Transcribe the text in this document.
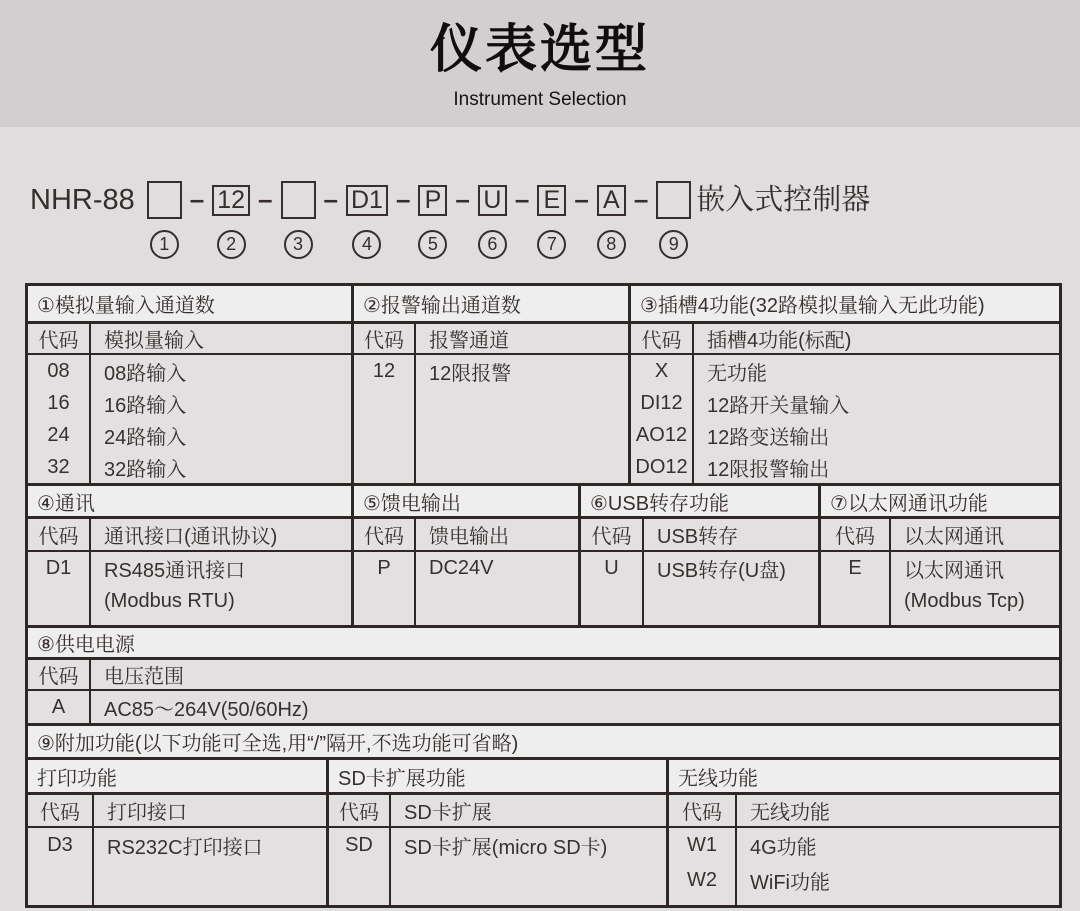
仪表选型
Instrument Selection
NHR-88
1
– 12
2
–
3
– D1
4
– P
5
– U
6
– E
7
– A
8
–
9
嵌入式控制器
①模拟量输入通道数
代码
08
16
24
32
模拟量输入
08路输入
16路输入
24路输入
32路输入
②报警输出通道数
代码
12
报警通道
12限报警
③插槽4功能(32路模拟量输入无此功能)
代码
X
DI12
AO12
DO12
插槽4功能(标配)
无功能
12路开关量输入
12路变送输出
12限报警输出
④通讯
代码
D1
通讯接口(通讯协议)
RS485通讯接口
(Modbus RTU)
⑤馈电输出
代码
P
馈电输出
DC24V
⑥USB转存功能
代码
U
USB转存
USB转存(U盘)
⑦以太网通讯功能
代码
E
以太网通讯
以太网通讯
(Modbus Tcp)
⑧供电电源
代码
A
电压范围
AC85～264V(50/60Hz)
⑨附加功能(以下功能可全选,用“/”隔开,不选功能可省略)
打印功能
代码
D3
打印接口
RS232C打印接口
SD卡扩展功能
代码
SD
SD卡扩展
SD卡扩展(micro SD卡)
无线功能
代码
W1
W2
无线功能
4G功能
WiFi功能
